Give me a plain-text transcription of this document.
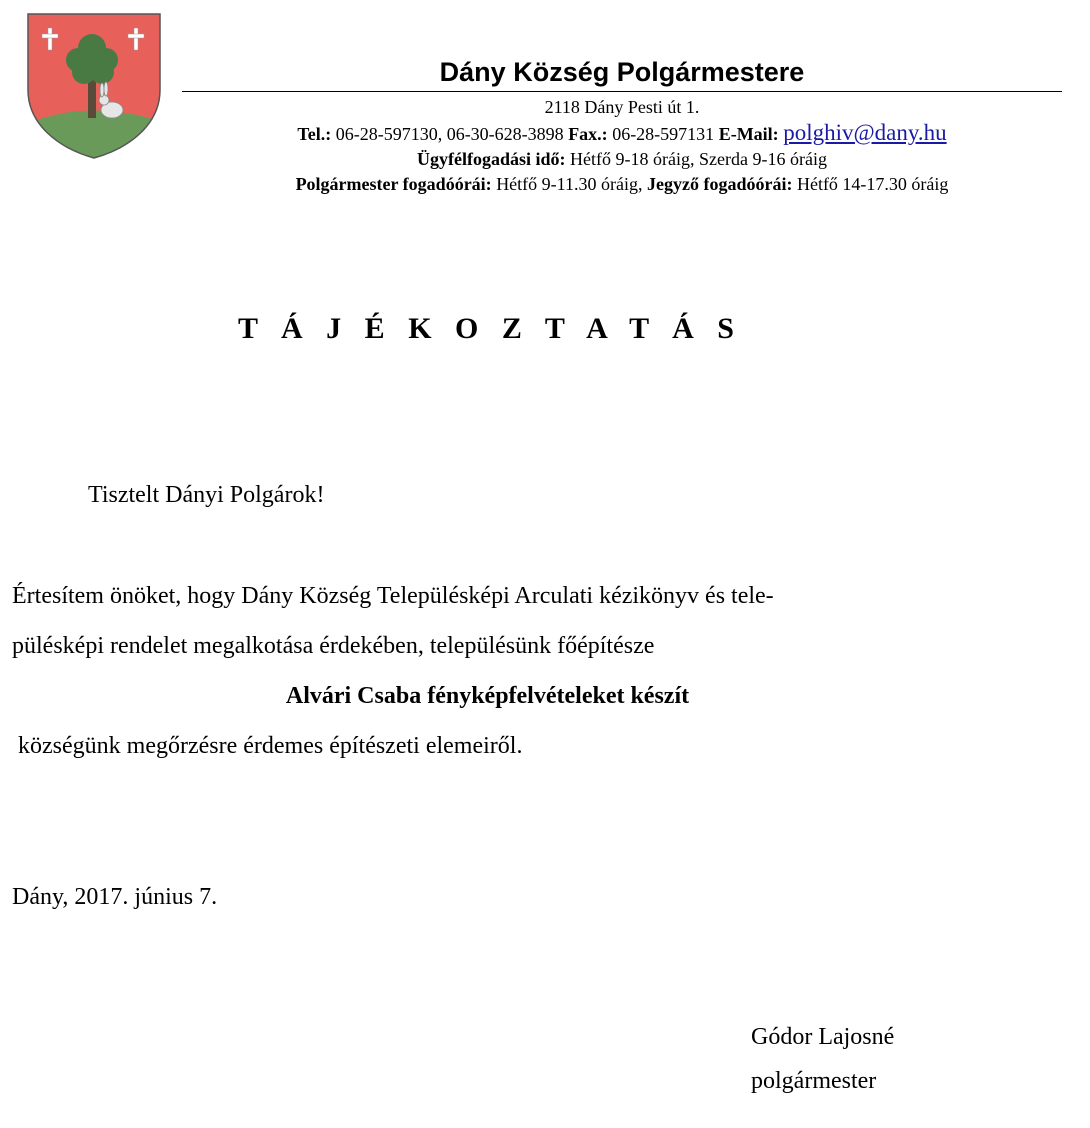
Dány Község Polgármestere
2118 Dány Pesti út 1.
Tel.: 06-28-597130, 06-30-628-3898 Fax.: 06-28-597131 E-Mail: polghiv@dany.hu
Ügyfélfogadási idő: Hétfő 9-18 óráig, Szerda 9-16 óráig
Polgármester fogadóórái: Hétfő 9-11.30 óráig, Jegyző fogadóórái: Hétfő 14-17.30 óráig
T Á J É K O Z T A T Á S
Tisztelt Dányi Polgárok!
Értesítem önöket, hogy Dány Község Településképi Arculati kézikönyv és tele-
pülésképi rendelet megalkotása érdekében, településünk főépítésze
Alvári Csaba fényképfelvételeket készít
községünk megőrzésre érdemes építészeti elemeiről.
Dány, 2017. június 7.
Gódor Lajosné
polgármester
